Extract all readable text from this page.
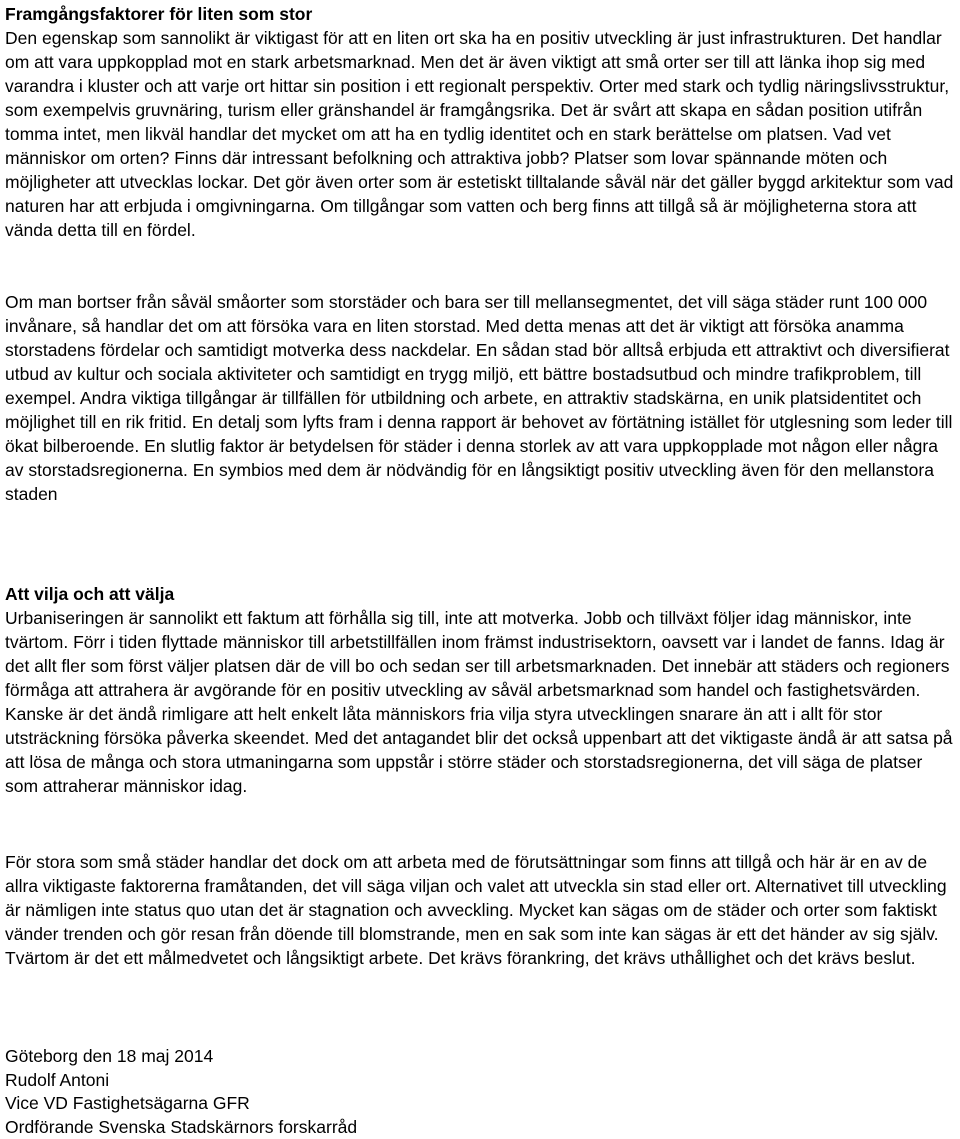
Framgångsfaktorer för liten som stor

Den egenskap som sannolikt är viktigast för att en liten ort ska ha en positiv utveckling är just infrastrukturen. Det handlar om att vara uppkopplad mot en stark arbetsmarknad. Men det är även viktigt att små orter ser till att länka ihop sig med varandra i kluster och att varje ort hittar sin position i ett regionalt perspektiv. Orter med stark och tydlig näringslivsstruktur, som exempelvis gruvnäring, turism eller gränshandel är framgångsrika. Det är svårt att skapa en sådan position utifrån tomma intet, men likväl handlar det mycket om att ha en tydlig identitet och en stark berättelse om platsen. Vad vet människor om orten? Finns där intressant befolkning och attraktiva jobb? Platser som lovar spännande möten och möjligheter att utvecklas lockar. Det gör även orter som är estetiskt tilltalande såväl när det gäller byggd arkitektur som vad naturen har att erbjuda i omgivningarna. Om tillgångar som vatten och berg finns att tillgå så är möjligheterna stora att vända detta till en fördel.

Om man bortser från såväl småorter som storstäder och bara ser till mellansegmentet, det vill säga städer runt 100 000 invånare, så handlar det om att försöka vara en liten storstad. Med detta menas att det är viktigt att försöka anamma storstadens fördelar och samtidigt motverka dess nackdelar. En sådan stad bör alltså erbjuda ett attraktivt och diversifierat utbud av kultur och sociala aktiviteter och samtidigt en trygg miljö, ett bättre bostadsutbud och mindre trafikproblem, till exempel. Andra viktiga tillgångar är tillfällen för utbildning och arbete, en attraktiv stadskärna, en unik platsidentitet och möjlighet till en rik fritid. En detalj som lyfts fram i denna rapport är behovet av förtätning istället för utglesning som leder till ökat bilberoende. En slutlig faktor är betydelsen för städer i denna storlek av att vara uppkopplade mot någon eller några av storstadsregionerna. En symbios med dem är nödvändig för en långsiktigt positiv utveckling även för den mellanstora staden

Att vilja och att välja

Urbaniseringen är sannolikt ett faktum att förhålla sig till, inte att motverka. Jobb och tillväxt följer idag människor, inte tvärtom. Förr i tiden flyttade människor till arbetstillfällen inom främst industrisektorn, oavsett var i landet de fanns. Idag är det allt fler som först väljer platsen där de vill bo och sedan ser till arbetsmarknaden. Det innebär att städers och regioners förmåga att attrahera är avgörande för en positiv utveckling av såväl arbetsmarknad som handel och fastighetsvärden.

Kanske är det ändå rimligare att helt enkelt låta människors fria vilja styra utvecklingen snarare än att i allt för stor utsträckning försöka påverka skeendet. Med det antagandet blir det också uppenbart att det viktigaste ändå är att satsa på att lösa de många och stora utmaningarna som uppstår i större städer och storstadsregionerna, det vill säga de platser som attraherar människor idag.

För stora som små städer handlar det dock om att arbeta med de förutsättningar som finns att tillgå och här är en av de allra viktigaste faktorerna framåtanden, det vill säga viljan och valet att utveckla sin stad eller ort. Alternativet till utveckling är nämligen inte status quo utan det är stagnation och avveckling. Mycket kan sägas om de städer och orter som faktiskt vänder trenden och gör resan från döende till blomstrande, men en sak som inte kan sägas är ett det händer av sig själv. Tvärtom är det ett målmedvetet och långsiktigt arbete. Det krävs förankring, det krävs uthållighet och det krävs beslut.

Göteborg den 18 maj 2014
Rudolf Antoni
Vice VD Fastighetsägarna GFR
Ordförande Svenska Stadskärnors forskarråd
